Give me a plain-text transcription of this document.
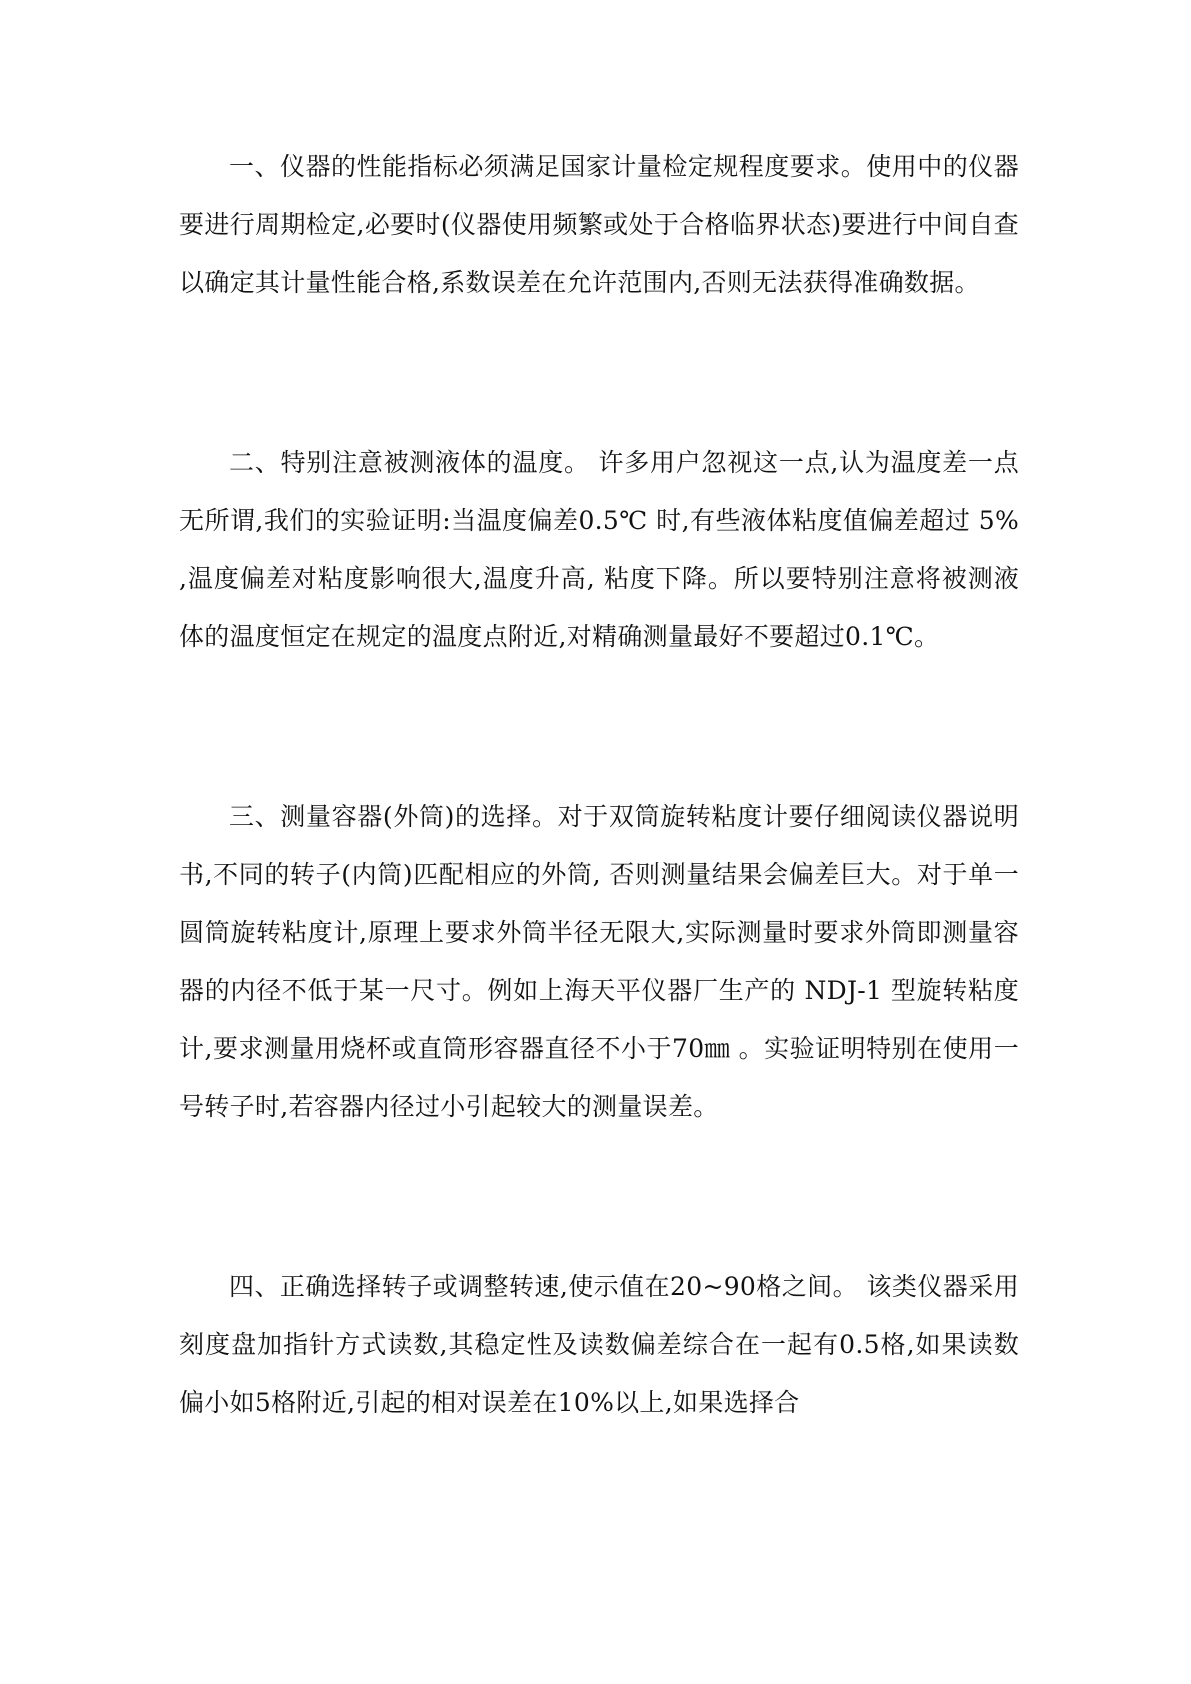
一、仪器的性能指标必须满足国家计量检定规程度要求。使用中的仪器要进行周期检定,必要时(仪器使用频繁或处于合格临界状态)要进行中间自查以确定其计量性能合格,系数误差在允许范围内,否则无法获得准确数据。

二、特别注意被测液体的温度。 许多用户忽视这一点,认为温度差一点无所谓,我们的实验证明:当温度偏差0.5℃ 时,有些液体粘度值偏差超过 5% ,温度偏差对粘度影响很大,温度升高, 粘度下降。所以要特别注意将被测液体的温度恒定在规定的温度点附近,对精确测量最好不要超过0.1℃。

三、测量容器(外筒)的选择。对于双筒旋转粘度计要仔细阅读仪器说明书,不同的转子(内筒)匹配相应的外筒, 否则测量结果会偏差巨大。对于单一圆筒旋转粘度计,原理上要求外筒半径无限大,实际测量时要求外筒即测量容器的内径不低于某一尺寸。例如上海天平仪器厂生产的 NDJ-1 型旋转粘度计,要求测量用烧杯或直筒形容器直径不小于70㎜ 。实验证明特别在使用一号转子时,若容器内径过小引起较大的测量误差。

四、正确选择转子或调整转速,使示值在20~90格之间。 该类仪器采用刻度盘加指针方式读数,其稳定性及读数偏差综合在一起有0.5格,如果读数偏小如5格附近,引起的相对误差在10%以上,如果选择合
